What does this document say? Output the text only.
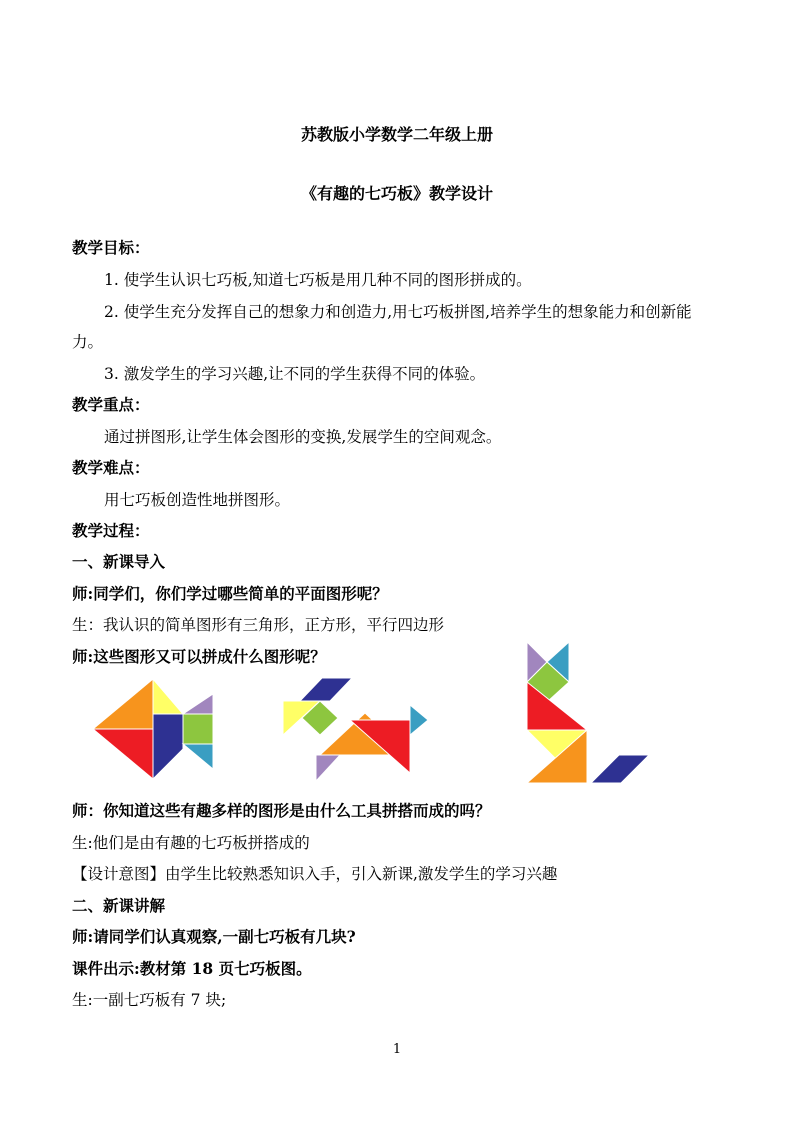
苏教版小学数学二年级上册
《有趣的七巧板》教学设计
教学目标：
1. 使学生认识七巧板,知道七巧板是用几种不同的图形拼成的。
2. 使学生充分发挥自己的想象力和创造力,用七巧板拼图,培养学生的想象能力和创新能
力。
3. 激发学生的学习兴趣,让不同的学生获得不同的体验。
教学重点：
通过拼图形,让学生体会图形的变换,发展学生的空间观念。
教学难点：
用七巧板创造性地拼图形。
教学过程：
一、新课导入
师:同学们，你们学过哪些简单的平面图形呢？
生：我认识的简单图形有三角形，正方形，平行四边形
师:这些图形又可以拼成什么图形呢？
师：你知道这些有趣多样的图形是由什么工具拼搭而成的吗？
生:他们是由有趣的七巧板拼搭成的
【设计意图】由学生比较熟悉知识入手，引入新课,激发学生的学习兴趣
二、新课讲解
师:请同学们认真观察,一副七巧板有几块?
课件出示:教材第 18 页七巧板图。
生:一副七巧板有 7 块;
1
